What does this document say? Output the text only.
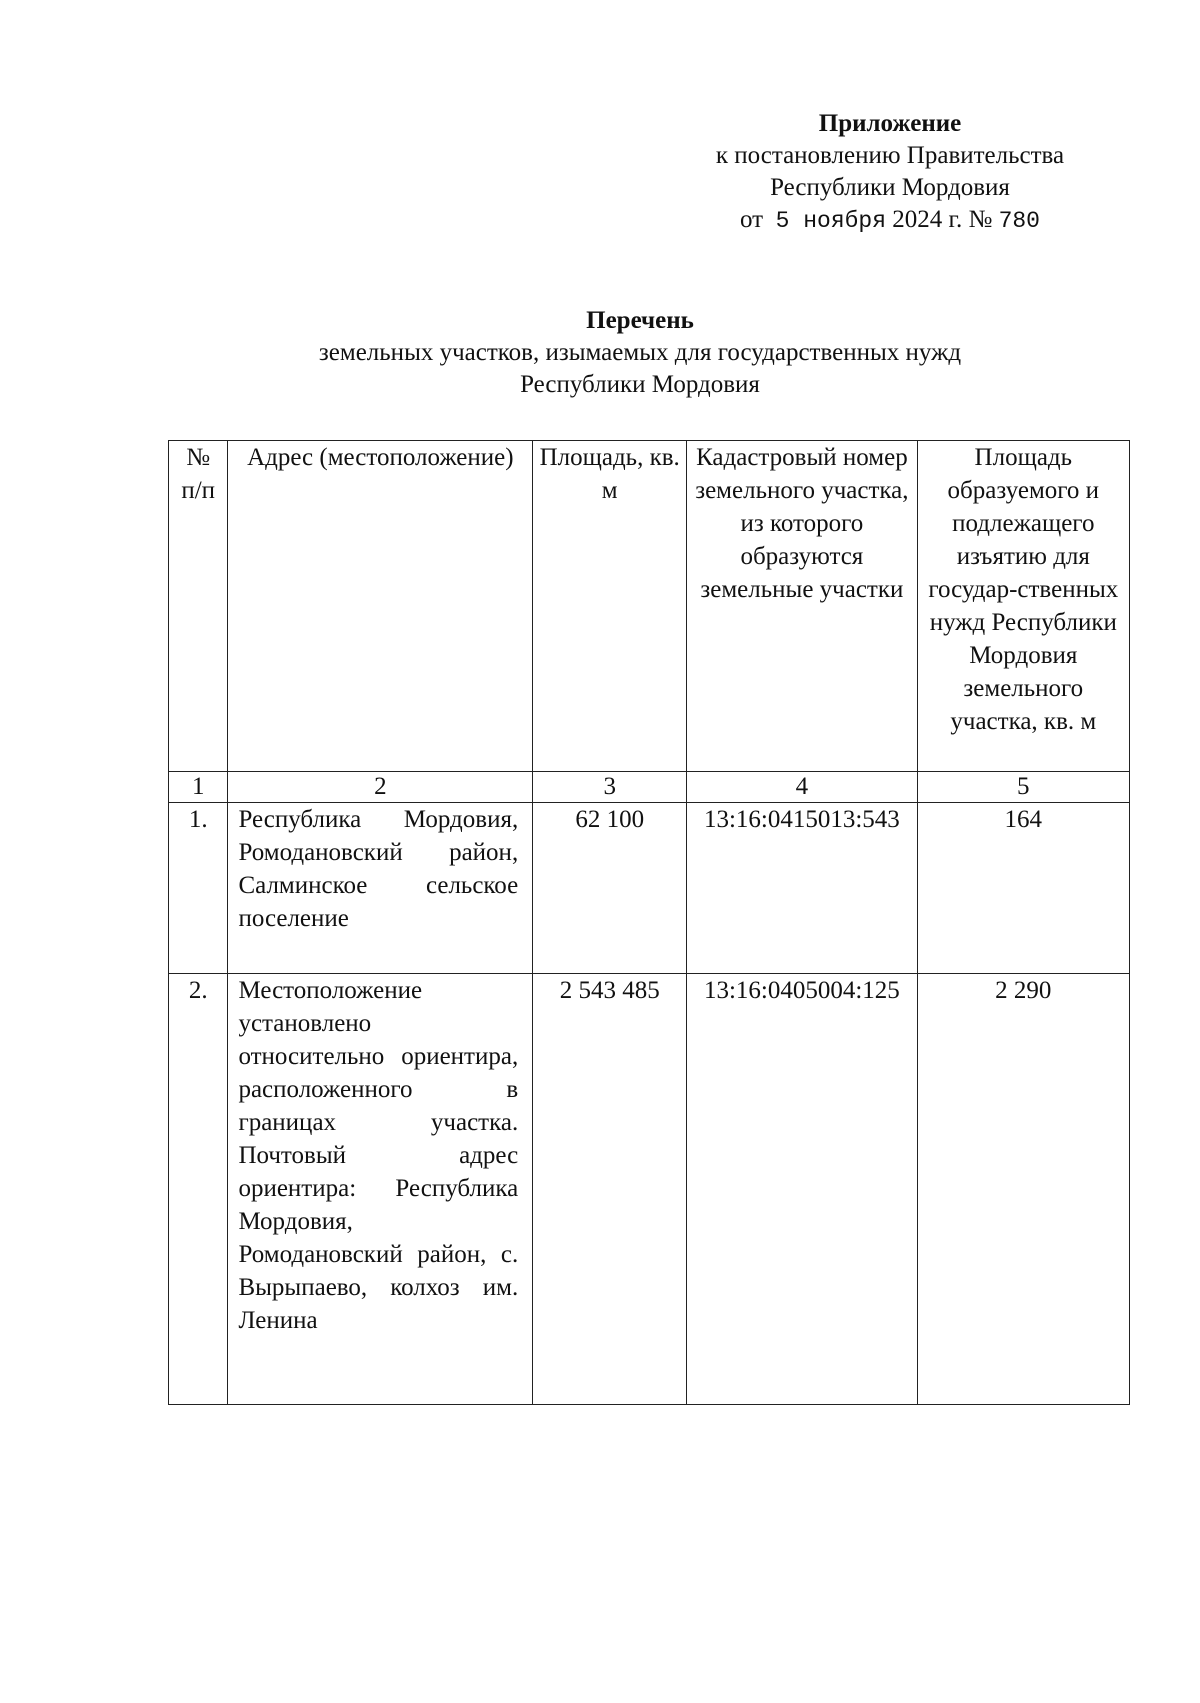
Приложение
к постановлению Правительства
Республики Мордовия
от 5 ноября 2024 г. № 780
Перечень
земельных участков, изымаемых для государственных нужд
Республики Мордовия
№ п/п	Адрес (местоположение)	Площадь, кв. м	Кадастровый номер земельного участка, из которого образуются земельные участки	Площадь образуемого и подлежащего изъятию для государ-ственных нужд Республики Мордовия земельного участка, кв. м
1	2	3	4	5
1.	Республика Мордовия, Ромодановский район, Салминское сельское поселение	62 100	13:16:0415013:543	164
2.	Местоположение установлено относительно ориентира, расположенного в границах участка. Почтовый адрес ориентира: Республика Мордовия, Ромодановский район, с. Вырыпаево, колхоз им. Ленина	2 543 485	13:16:0405004:125	2 290
